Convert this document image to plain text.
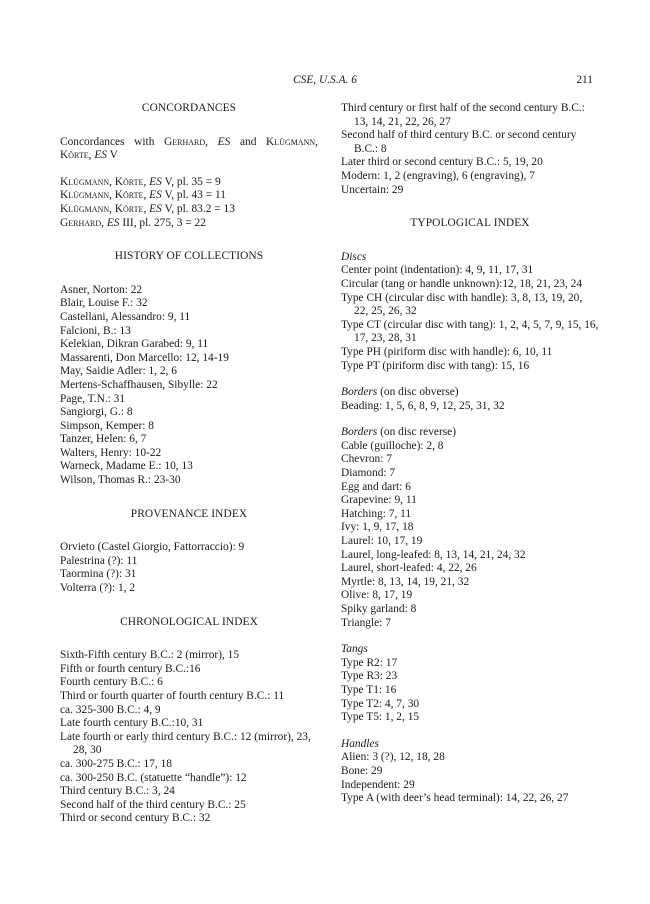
CSE, U.S.A. 6	211

CONCORDANCES

Concordances with Gerhard, ES and Klügmann, Körte, ES V

Klügmann, Körte, ES V, pl. 35 = 9

Klügmann, Körte, ES V, pl. 43 = 11

Klügmann, Körte, ES V, pl. 83.2 = 13

Gerhard, ES III, pl. 275, 3 = 22

HISTORY OF COLLECTIONS

Asner, Norton: 22

Blair, Louise F.: 32

Castellani, Alessandro: 9, 11

Falcioni, B.: 13

Kelekian, Dikran Garabed: 9, 11

Massarenti, Don Marcello: 12, 14-19

May, Saidie Adler: 1, 2, 6

Mertens-Schaffhausen, Sibylle: 22

Page, T.N.: 31

Sangiorgi, G.: 8

Simpson, Kemper: 8

Tanzer, Helen: 6, 7

Walters, Henry: 10-22

Warneck, Madame E.: 10, 13

Wilson, Thomas R.: 23-30

PROVENANCE INDEX

Orvieto (Castel Giorgio, Fattorraccio): 9

Palestrina (?): 11

Taormina (?): 31

Volterra (?): 1, 2

CHRONOLOGICAL INDEX

Sixth-Fifth century B.C.: 2 (mirror), 15

Fifth or fourth century B.C.:16

Fourth century B.C.: 6

Third or fourth quarter of fourth century B.C.: 11

ca. 325-300 B.C.: 4, 9

Late fourth century B.C.:10, 31

Late fourth or early third century B.C.: 12 (mirror), 23, 28, 30

ca. 300-275 B.C.: 17, 18

ca. 300-250 B.C. (statuette “handle”): 12

Third century B.C.: 3, 24

Second half of the third century B.C.: 25

Third or second century B.C.: 32

Third century or first half of the second century B.C.: 13, 14, 21, 22, 26, 27

Second half of third century B.C. or second century B.C.: 8

Later third or second century B.C.: 5, 19, 20

Modern: 1, 2 (engraving), 6 (engraving), 7

Uncertain: 29

TYPOLOGICAL INDEX

Discs

Center point (indentation): 4, 9, 11, 17, 31

Circular (tang or handle unknown):12, 18, 21, 23, 24

Type CH (circular disc with handle): 3, 8, 13, 19, 20, 22, 25, 26, 32

Type CT (circular disc with tang): 1, 2, 4, 5, 7, 9, 15, 16, 17, 23, 28, 31

Type PH (piriform disc with handle): 6, 10, 11

Type PT (piriform disc with tang): 15, 16

Borders (on disc obverse)

Beading: 1, 5, 6, 8, 9, 12, 25, 31, 32

Borders (on disc reverse)

Cable (guilloche): 2, 8

Chevron: 7

Diamond: 7

Egg and dart: 6

Grapevine: 9, 11

Hatching: 7, 11

Ivy: 1, 9, 17, 18

Laurel: 10, 17, 19

Laurel, long-leafed: 8, 13, 14, 21, 24, 32

Laurel, short-leafed: 4, 22, 26

Myrtle: 8, 13, 14, 19, 21, 32

Olive: 8, 17, 19

Spiky garland: 8

Triangle: 7

Tangs

Type R2: 17

Type R3: 23

Type T1: 16

Type T2: 4, 7, 30

Type T5: 1, 2, 15

Handles

Alien: 3 (?), 12, 18, 28

Bone: 29

Independent: 29

Type A (with deer’s head terminal): 14, 22, 26, 27
